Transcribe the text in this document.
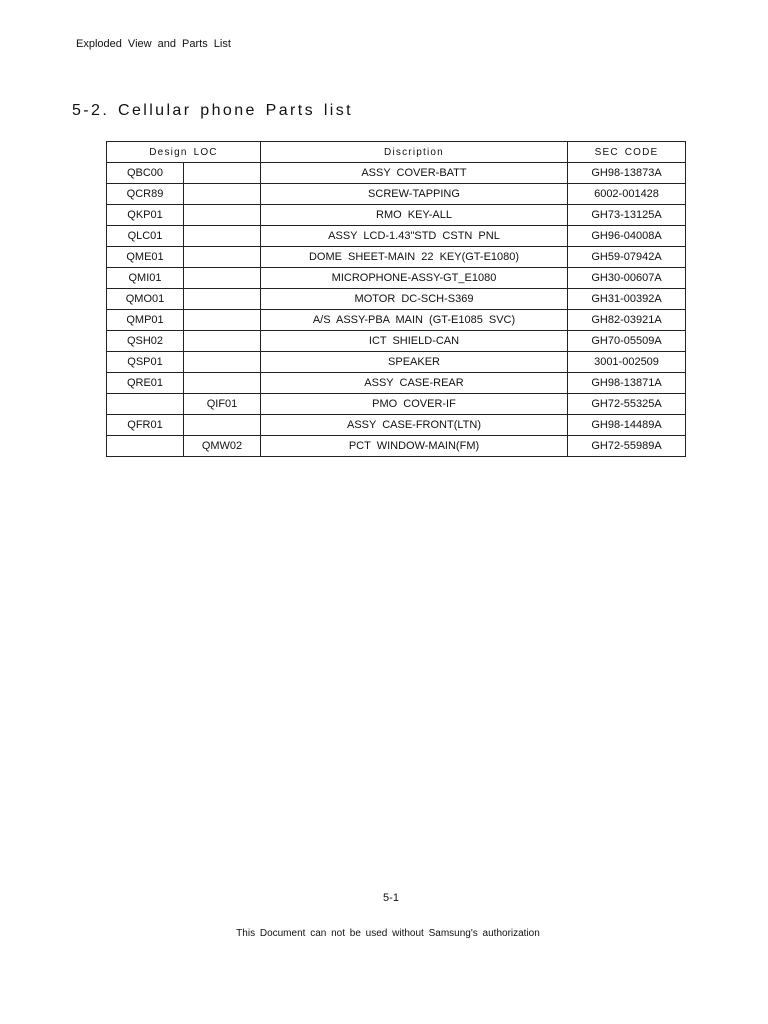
Exploded View and Parts List
5-2. Cellular phone Parts list
Design LOC		Discription	SEC CODE
QBC00		ASSY COVER-BATT	GH98-13873A
QCR89		SCREW-TAPPING	6002-001428
QKP01		RMO KEY-ALL	GH73-13125A
QLC01		ASSY LCD-1.43"STD CSTN PNL	GH96-04008A
QME01		DOME SHEET-MAIN 22 KEY(GT-E1080)	GH59-07942A
QMI01		MICROPHONE-ASSY-GT_E1080	GH30-00607A
QMO01		MOTOR DC-SCH-S369	GH31-00392A
QMP01		A/S ASSY-PBA MAIN (GT-E1085 SVC)	GH82-03921A
QSH02		ICT SHIELD-CAN	GH70-05509A
QSP01		SPEAKER	3001-002509
QRE01		ASSY CASE-REAR	GH98-13871A
	QIF01	PMO COVER-IF	GH72-55325A
QFR01		ASSY CASE-FRONT(LTN)	GH98-14489A
	QMW02	PCT WINDOW-MAIN(FM)	GH72-55989A
5-1
This Document can not be used without Samsung's authorization
